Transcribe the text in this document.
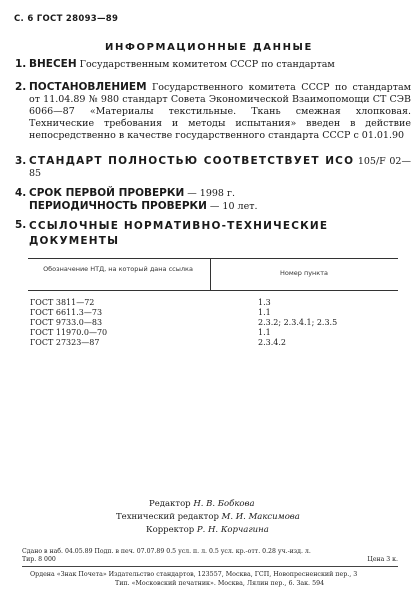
С. 6 ГОСТ 28093—89
ИНФОРМАЦИОННЫЕ ДАННЫЕ
1. ВНЕСЕН Государственным комитетом СССР по стандартам
2. ПОСТАНОВЛЕНИЕМ Государственного комитета СССР по стандартам от 11.04.89 № 980 стандарт Совета Экономической Взаимопомощи СТ СЭВ 6066—87 «Материалы текстильные. Ткань смежная хлопковая. Технические требования и методы испытания» введен в действие непосредственно в качестве государственного стандарта СССР с 01.01.90
3. СТАНДАРТ ПОЛНОСТЬЮ СООТВЕТСТВУЕТ ИСО 105/F 02—85
4. СРОК ПЕРВОЙ ПРОВЕРКИ — 1998 г.
ПЕРИОДИЧНОСТЬ ПРОВЕРКИ — 10 лет.
5. ССЫЛОЧНЫЕ НОРМАТИВНО-ТЕХНИЧЕСКИЕ ДОКУМЕНТЫ
Обозначение НТД, на который дана ссылка	Номер пункта
ГОСТ 3811—72	1.3
ГОСТ 6611.3—73	1.1
ГОСТ 9733.0—83	2.3.2; 2.3.4.1; 2.3.5
ГОСТ 11970.0—70	1.1
ГОСТ 27323—87	2.3.4.2
Редактор Н. В. Бобкова
Технический редактор М. И. Максимова
Корректор Р. Н. Корчагина
Сдано в наб. 04.05.89 Подп. в печ. 07.07.89 0.5 усл. п. л. 0.5 усл. кр.-отт. 0.28 уч.-изд. л.
Тир. 8 000	Цена 3 к.
Ордена «Знак Почета» Издательство стандартов, 123557, Москва, ГСП, Новопресненский пер., 3
Тип. «Московский печатник». Москва, Лялин пер., 6. Зак. 594
